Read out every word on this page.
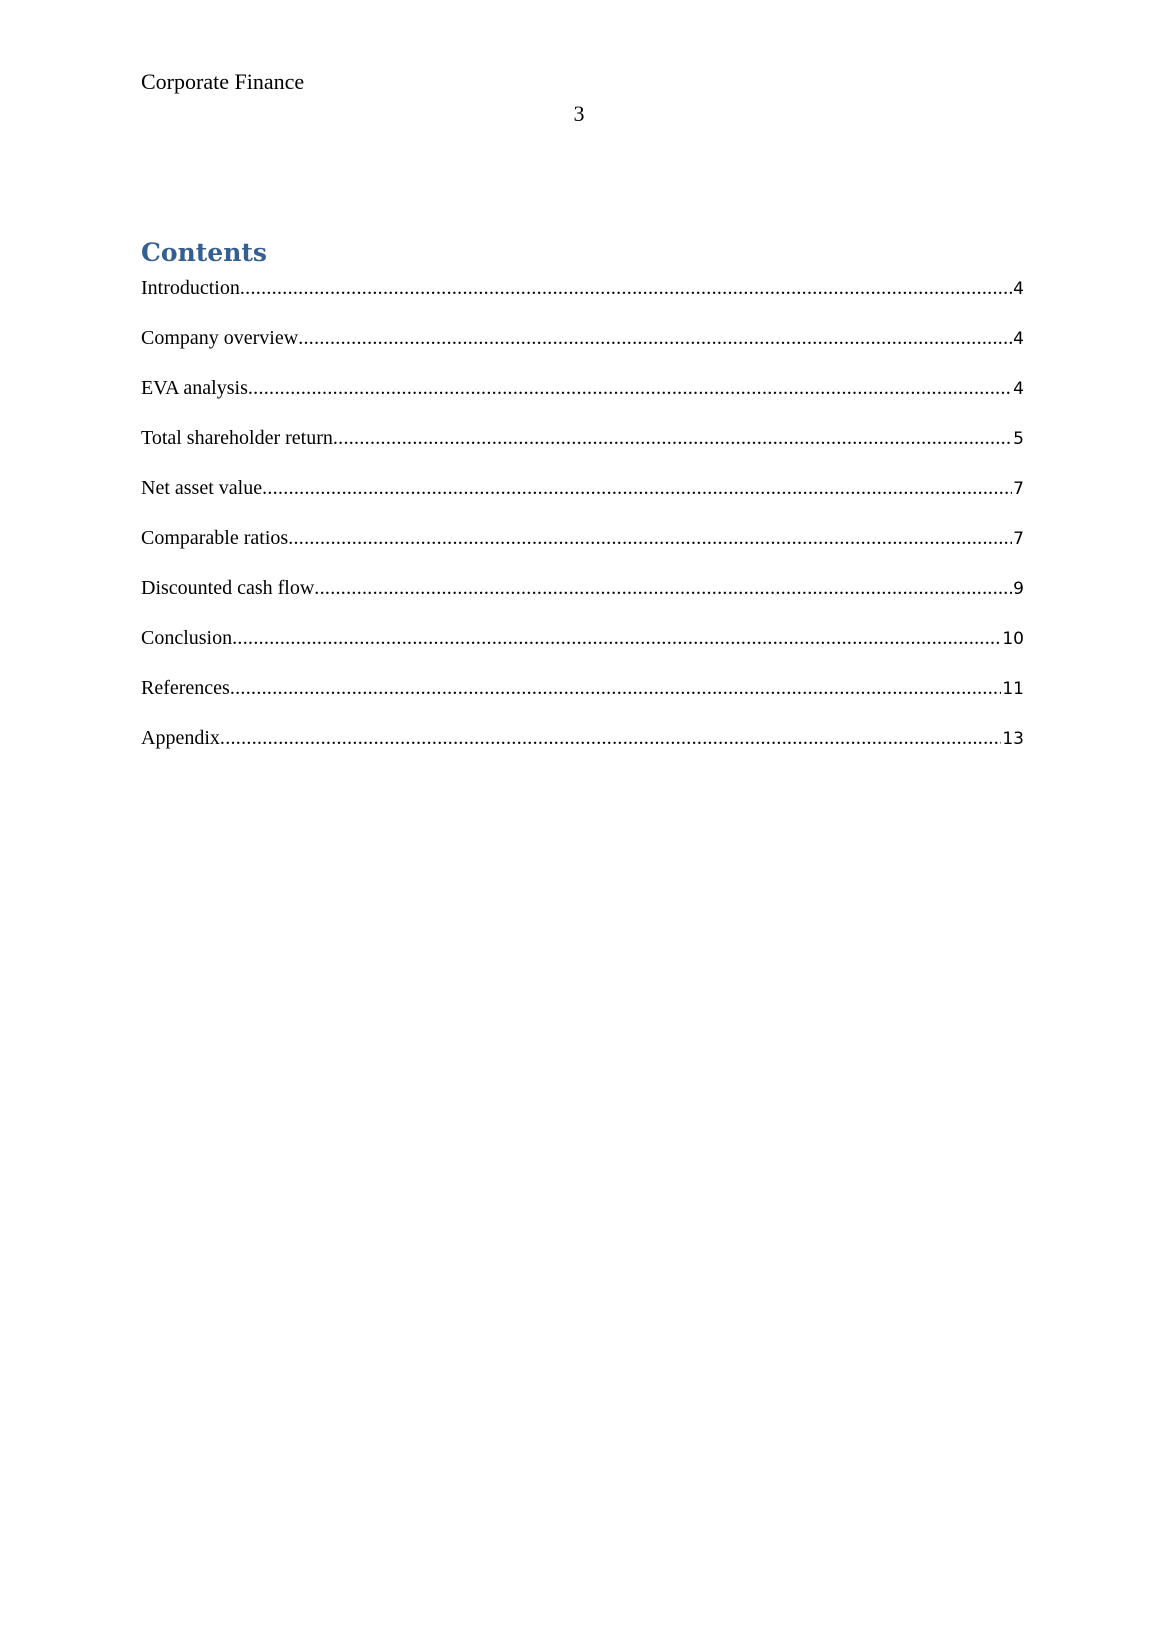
Corporate Finance
3
Contents
Introduction .....	4
Company overview .....	4
EVA analysis .....	4
Total shareholder return .....	5
Net asset value .....	7
Comparable ratios .....	7
Discounted cash flow .....	9
Conclusion .....	10
References .....	11
Appendix .....	13
